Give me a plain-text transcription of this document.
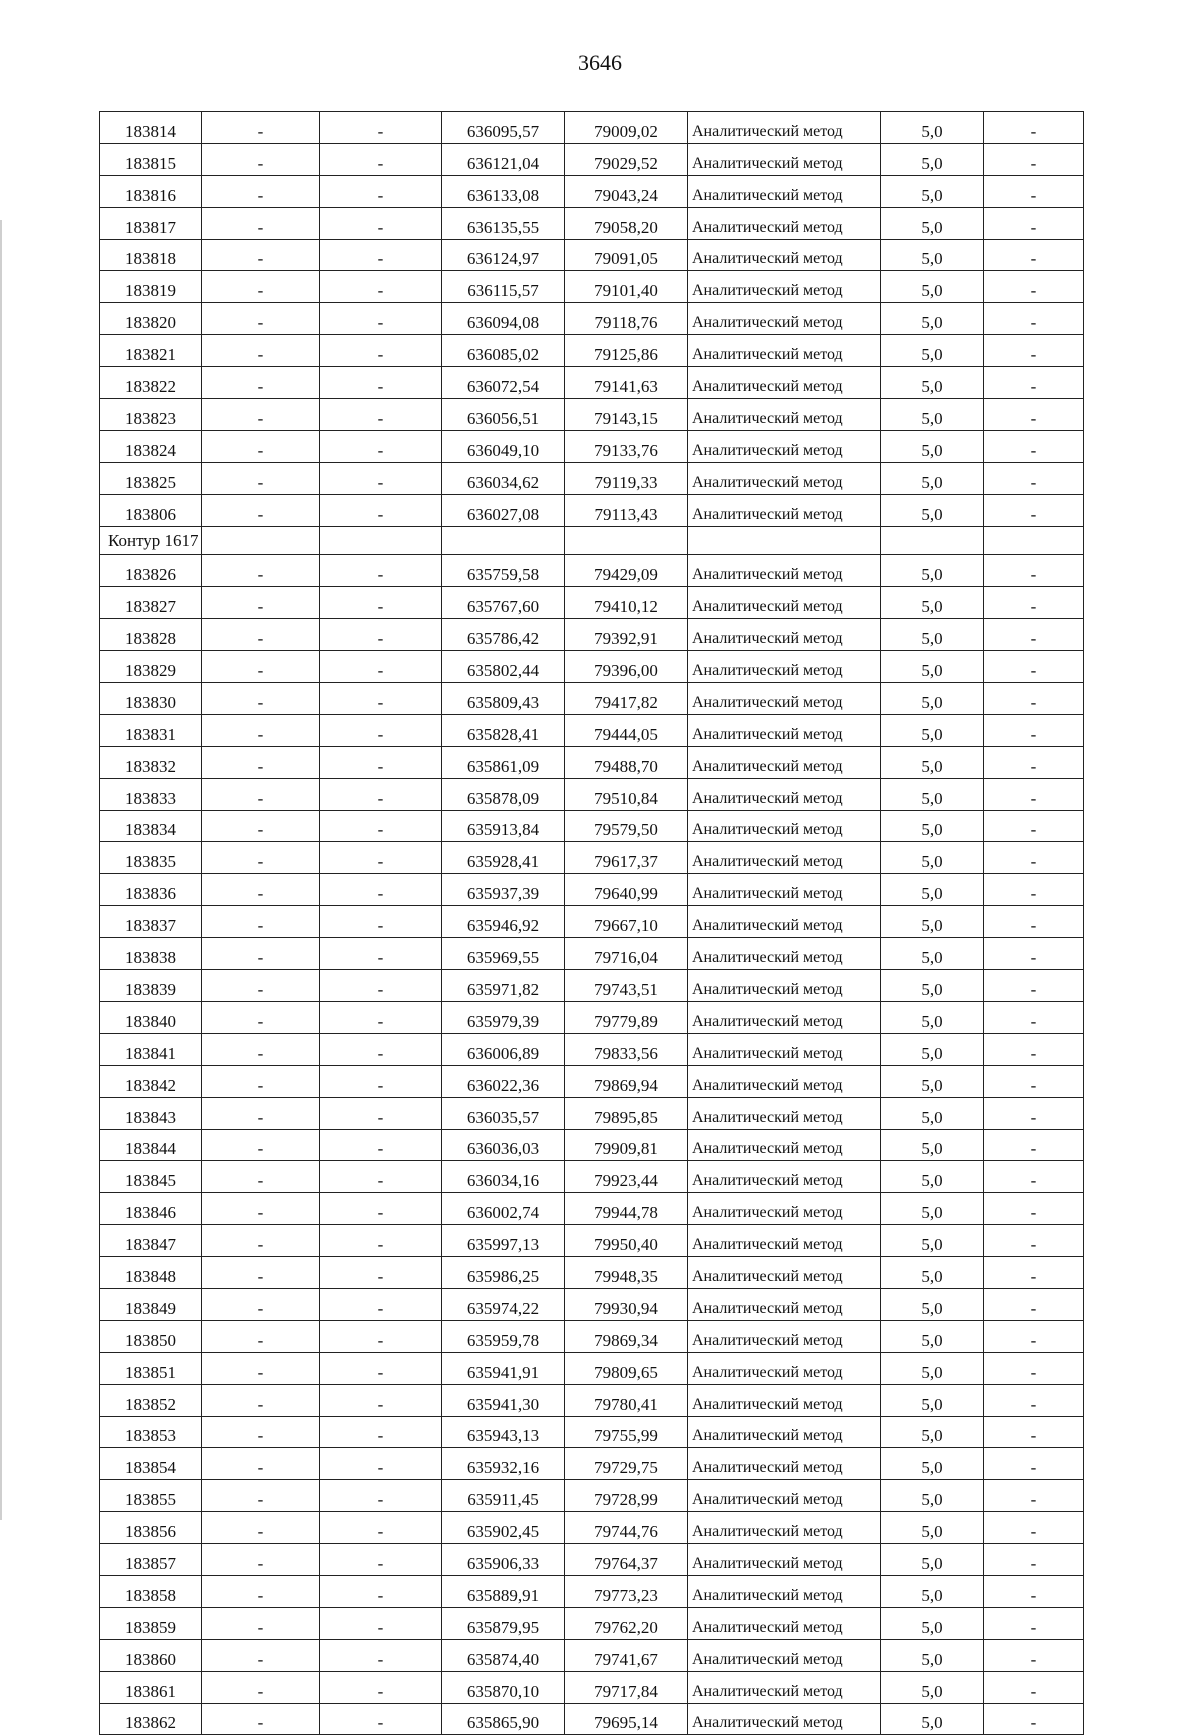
3646
183814	-	-	636095,57	79009,02	Аналитический метод	5,0	-
183815	-	-	636121,04	79029,52	Аналитический метод	5,0	-
183816	-	-	636133,08	79043,24	Аналитический метод	5,0	-
183817	-	-	636135,55	79058,20	Аналитический метод	5,0	-
183818	-	-	636124,97	79091,05	Аналитический метод	5,0	-
183819	-	-	636115,57	79101,40	Аналитический метод	5,0	-
183820	-	-	636094,08	79118,76	Аналитический метод	5,0	-
183821	-	-	636085,02	79125,86	Аналитический метод	5,0	-
183822	-	-	636072,54	79141,63	Аналитический метод	5,0	-
183823	-	-	636056,51	79143,15	Аналитический метод	5,0	-
183824	-	-	636049,10	79133,76	Аналитический метод	5,0	-
183825	-	-	636034,62	79119,33	Аналитический метод	5,0	-
183806	-	-	636027,08	79113,43	Аналитический метод	5,0	-
Контур 1617							
183826	-	-	635759,58	79429,09	Аналитический метод	5,0	-
183827	-	-	635767,60	79410,12	Аналитический метод	5,0	-
183828	-	-	635786,42	79392,91	Аналитический метод	5,0	-
183829	-	-	635802,44	79396,00	Аналитический метод	5,0	-
183830	-	-	635809,43	79417,82	Аналитический метод	5,0	-
183831	-	-	635828,41	79444,05	Аналитический метод	5,0	-
183832	-	-	635861,09	79488,70	Аналитический метод	5,0	-
183833	-	-	635878,09	79510,84	Аналитический метод	5,0	-
183834	-	-	635913,84	79579,50	Аналитический метод	5,0	-
183835	-	-	635928,41	79617,37	Аналитический метод	5,0	-
183836	-	-	635937,39	79640,99	Аналитический метод	5,0	-
183837	-	-	635946,92	79667,10	Аналитический метод	5,0	-
183838	-	-	635969,55	79716,04	Аналитический метод	5,0	-
183839	-	-	635971,82	79743,51	Аналитический метод	5,0	-
183840	-	-	635979,39	79779,89	Аналитический метод	5,0	-
183841	-	-	636006,89	79833,56	Аналитический метод	5,0	-
183842	-	-	636022,36	79869,94	Аналитический метод	5,0	-
183843	-	-	636035,57	79895,85	Аналитический метод	5,0	-
183844	-	-	636036,03	79909,81	Аналитический метод	5,0	-
183845	-	-	636034,16	79923,44	Аналитический метод	5,0	-
183846	-	-	636002,74	79944,78	Аналитический метод	5,0	-
183847	-	-	635997,13	79950,40	Аналитический метод	5,0	-
183848	-	-	635986,25	79948,35	Аналитический метод	5,0	-
183849	-	-	635974,22	79930,94	Аналитический метод	5,0	-
183850	-	-	635959,78	79869,34	Аналитический метод	5,0	-
183851	-	-	635941,91	79809,65	Аналитический метод	5,0	-
183852	-	-	635941,30	79780,41	Аналитический метод	5,0	-
183853	-	-	635943,13	79755,99	Аналитический метод	5,0	-
183854	-	-	635932,16	79729,75	Аналитический метод	5,0	-
183855	-	-	635911,45	79728,99	Аналитический метод	5,0	-
183856	-	-	635902,45	79744,76	Аналитический метод	5,0	-
183857	-	-	635906,33	79764,37	Аналитический метод	5,0	-
183858	-	-	635889,91	79773,23	Аналитический метод	5,0	-
183859	-	-	635879,95	79762,20	Аналитический метод	5,0	-
183860	-	-	635874,40	79741,67	Аналитический метод	5,0	-
183861	-	-	635870,10	79717,84	Аналитический метод	5,0	-
183862	-	-	635865,90	79695,14	Аналитический метод	5,0	-
